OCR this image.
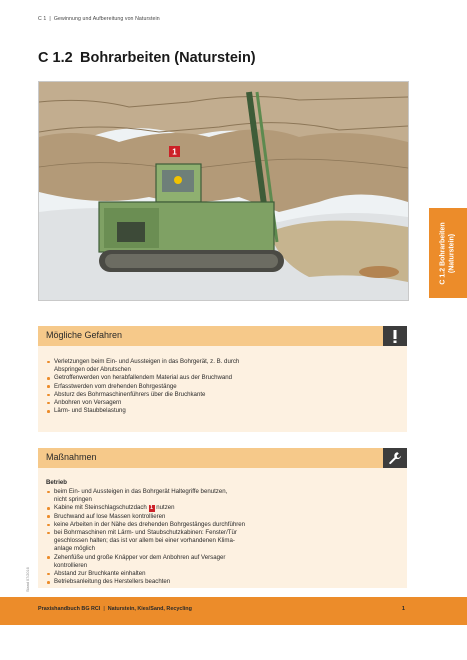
C 1 | Gewinnung und Aufbereitung von Naturstein
C 1.2 Bohrarbeiten (Naturstein)
1
C 1.2 Bohrarbeiten (Naturstein)
Mögliche Gefahren
Verletzungen beim Ein- und Aussteigen in das Bohrgerät, z. B. durch
Abspringen oder Abrutschen
Getroffenwerden von herabfallendem Material aus der Bruchwand
Erfasstwerden vom drehenden Bohrgestänge
Absturz des Bohrmaschinenführers über die Bruchkante
Anbohren von Versagern
Lärm- und Staubbelastung
Maßnahmen
Betrieb
beim Ein- und Aussteigen in das Bohrgerät Haltegriffe benutzen,
nicht springen
Kabine mit Steinschlagschutzdach 1 nutzen
Bruchwand auf lose Massen kontrollieren
keine Arbeiten in der Nähe des drehenden Bohrgestänges durchführen
bei Bohrmaschinen mit Lärm- und Staubschutzkabinen: Fenster/Tür
geschlossen halten; das ist vor allem bei einer vorhandenen Klima-
anlage möglich
Zehenfüße und große Knäpper vor dem Anbohren auf Versager
kontrollieren
Abstand zur Bruchkante einhalten
Betriebsanleitung des Herstellers beachten
Stand 07/2016
Praxishandbuch BG RCI | Naturstein, Kies/Sand, Recycling	1
